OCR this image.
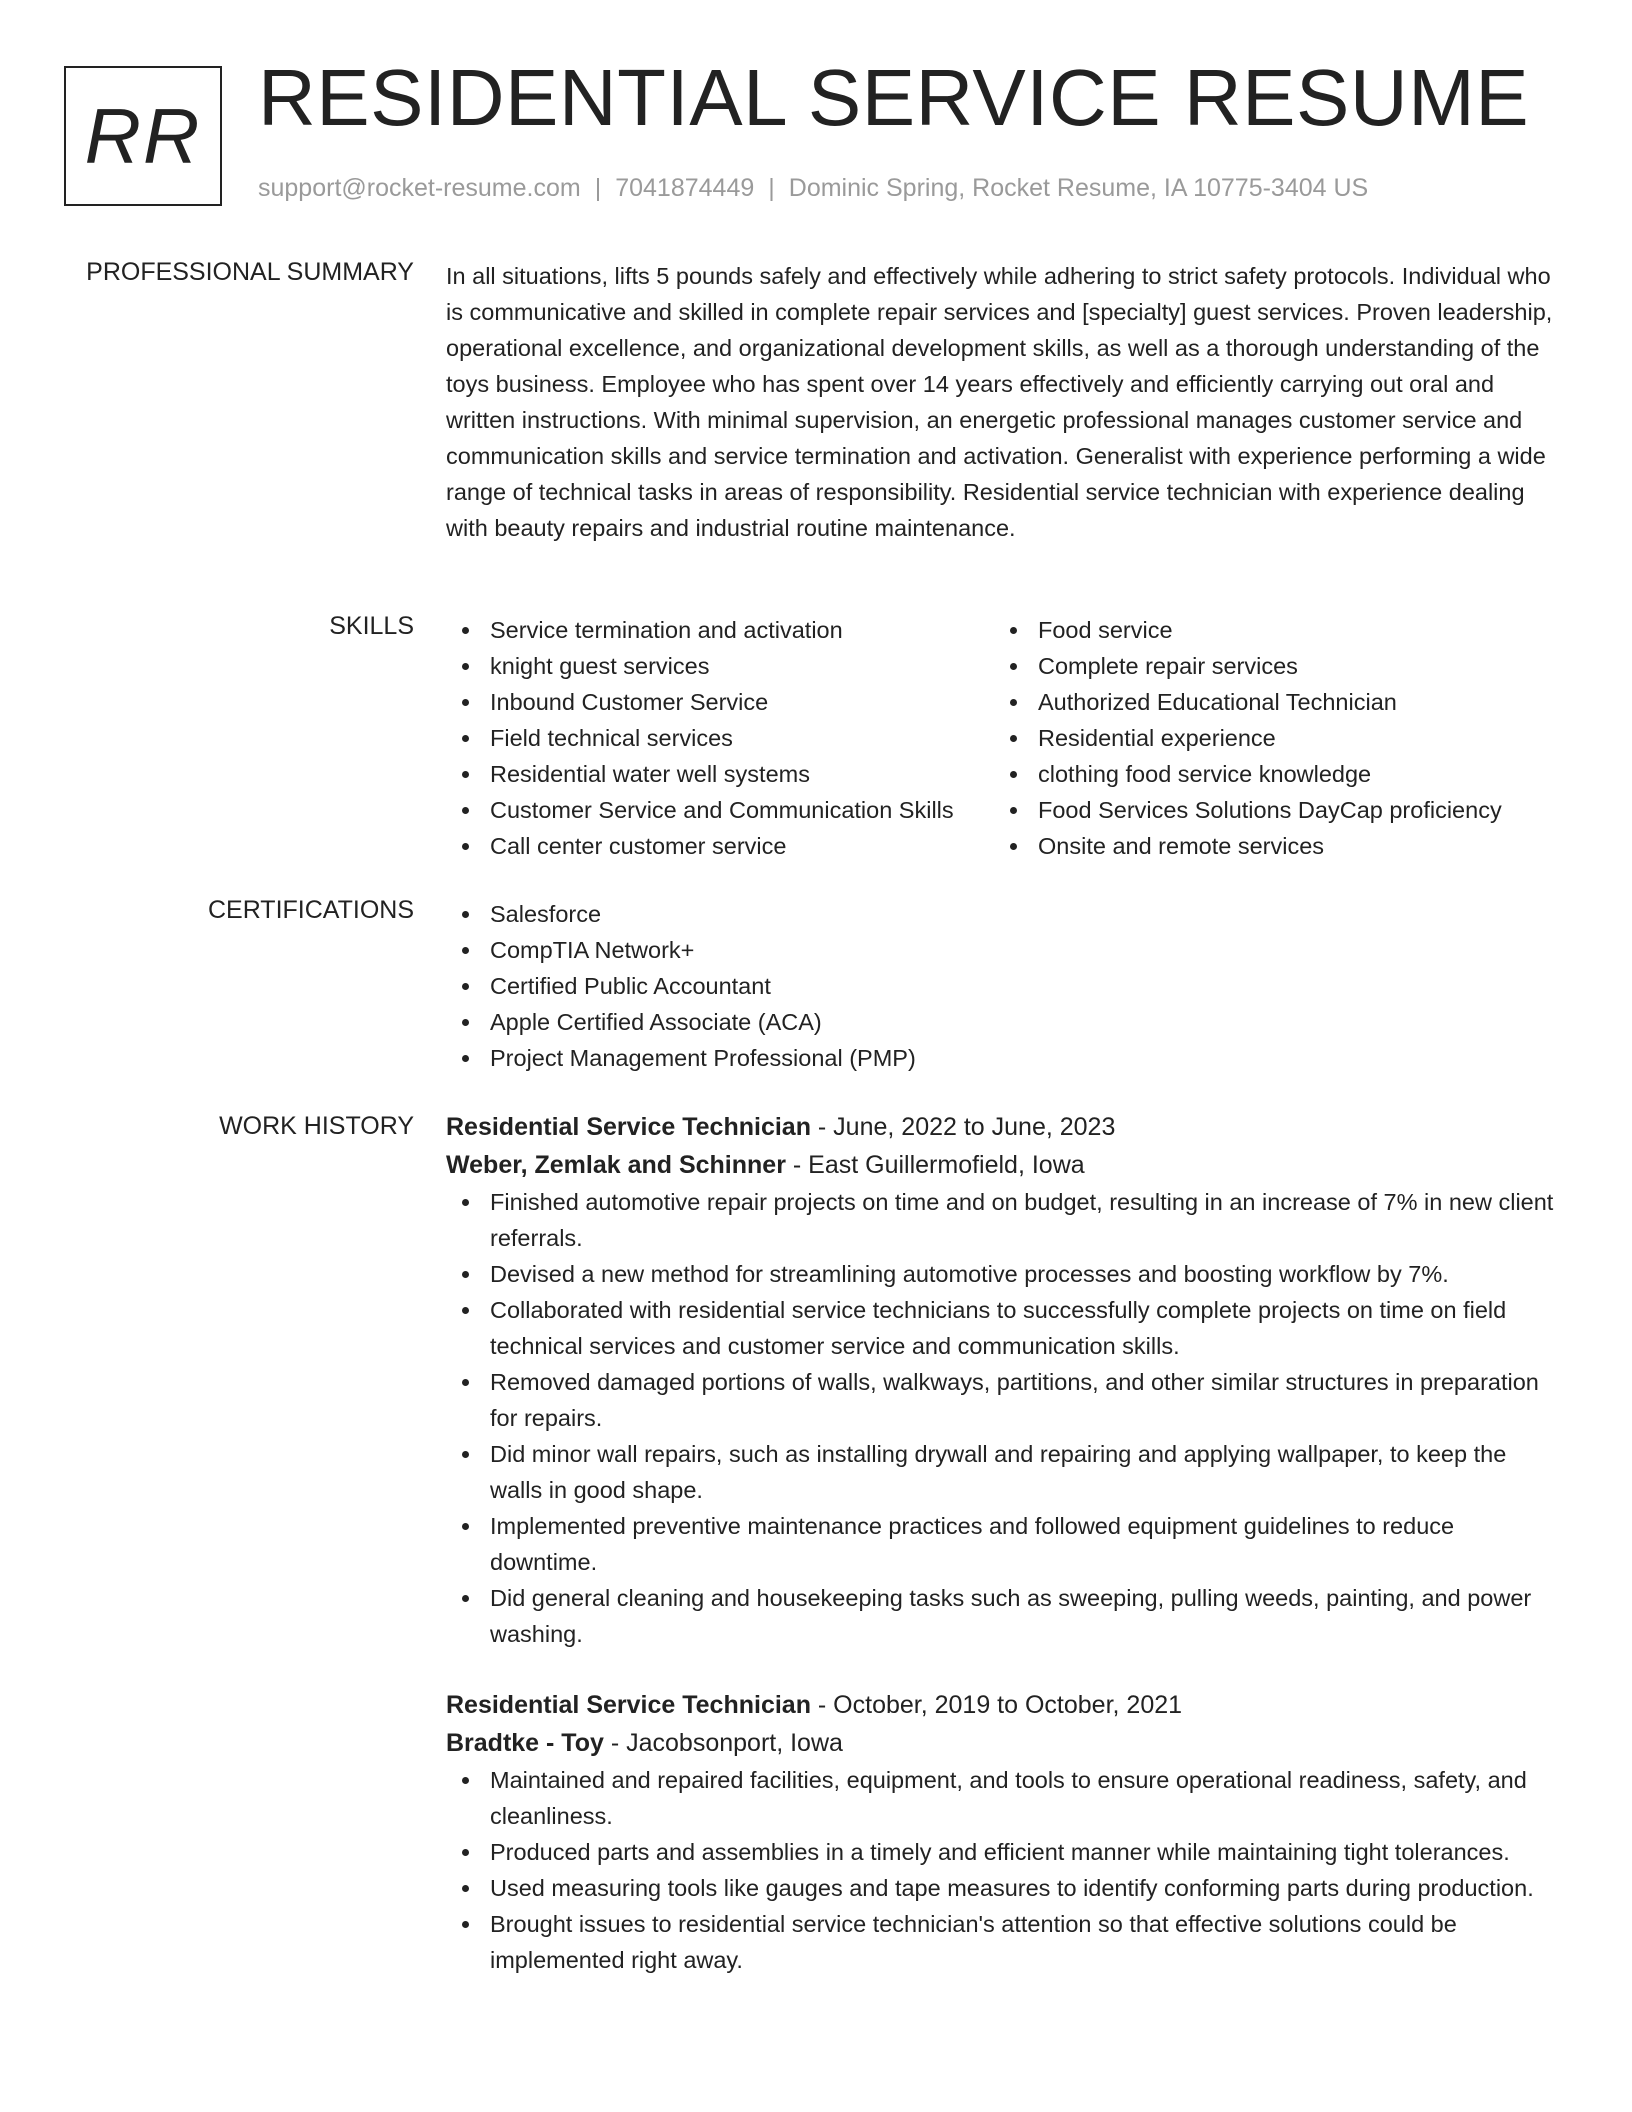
RR RESIDENTIAL SERVICE RESUME
support@rocket-resume.com | 7041874449 | Dominic Spring, Rocket Resume, IA 10775-3404 US
PROFESSIONAL SUMMARY In all situations, lifts 5 pounds safely and effectively while adhering to strict safety protocols. Individual who is communicative and skilled in complete repair services and [specialty] guest services. Proven leadership, operational excellence, and organizational development skills, as well as a thorough understanding of the toys business. Employee who has spent over 14 years effectively and efficiently carrying out oral and written instructions. With minimal supervision, an energetic professional manages customer service and communication skills and service termination and activation. Generalist with experience performing a wide range of technical tasks in areas of responsibility. Residential service technician with experience dealing with beauty repairs and industrial routine maintenance.

SKILLS	Service termination and activation
knight guest services
Inbound Customer Service
Field technical services
Residential water well systems
Customer Service and Communication Skills
Call center customer service
Food service
Complete repair services
Authorized Educational Technician
Residential experience
clothing food service knowledge
Food Services Solutions DayCap proficiency
Onsite and remote services
CERTIFICATIONS	Salesforce
CompTIA Network+
Certified Public Accountant
Apple Certified Associate (ACA)
Project Management Professional (PMP)
WORK HISTORY Residential Service Technician - June, 2022 to June, 2023
Weber, Zemlak and Schinner - East Guillermofield, Iowa
Finished automotive repair projects on time and on budget, resulting in an increase of 7% in new client referrals.
Devised a new method for streamlining automotive processes and boosting workflow by 7%.
Collaborated with residential service technicians to successfully complete projects on time on field technical services and customer service and communication skills.
Removed damaged portions of walls, walkways, partitions, and other similar structures in preparation for repairs.
Did minor wall repairs, such as installing drywall and repairing and applying wallpaper, to keep the walls in good shape.
Implemented preventive maintenance practices and followed equipment guidelines to reduce downtime.
Did general cleaning and housekeeping tasks such as sweeping, pulling weeds, painting, and power washing.
Residential Service Technician - October, 2019 to October, 2021
Bradtke - Toy - Jacobsonport, Iowa
Maintained and repaired facilities, equipment, and tools to ensure operational readiness, safety, and cleanliness.
Produced parts and assemblies in a timely and efficient manner while maintaining tight tolerances.
Used measuring tools like gauges and tape measures to identify conforming parts during production.
Brought issues to residential service technician's attention so that effective solutions could be implemented right away.
